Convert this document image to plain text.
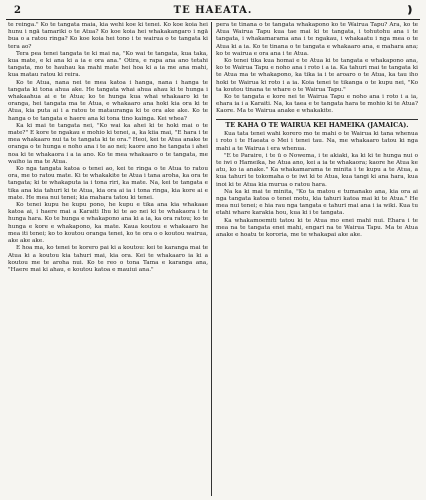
2	TE HAEATA.	❫

te reinga." Ko te tangata maia, kia wehi koe ki tenei. Ko koe koia hei hunu i ngā tamariki o te Atua? Ko koe koia hei whakakangaro i ngā bua o a ratou ringa? Ko koe koia hei tono i te wairua o te tangata ki tera ao?

Tera pea tenei tangata te ki mai na, "Ko wai te tangata, kua taka, kua mate, e ki ana ki a ia e ora ana." Otira, e rapa ana ano tetahi tangata, mo te hauhau ka mahi mate hei hoa ki a ia me ana mahi, kua matau ratou ki reira.

Ko te Atua, nana nei te mea katoa i hanga, nana i hanga te tangata ki tona ahua ake. He tangata whai ahua ahau ki te hunga i whakaahua ai e te Atua; ko te hunga kua whai whakaaro ki te oranga, hei tangata ma te Atua, e whakaaro ana hoki kia ora ki te Atua, kia puta ai i a ratou te matauranga ki te ora ake ake. Ko te hanga o te tangata e haere ana ki tona tino kainga. Kei whea?

Ka ki mai te tangata nei, "Ko wai ka ahei ki te hoki mai o te mate?" E kore te ngakau e mohio ki tenei, a, ka kiia mai, "E hara i te mea whakaaro nui ta te tangata ki te ora." Heoi, kei te Atua anake te oranga o te hunga e noho ana i te ao nei; kaore ano he tangata i ahei noa ki te whakaora i a ia ano. Ko te mea whakaaro o te tangata, me waiho ia ma te Atua.

Ko nga tangata katoa o tenei ao, kei te ringa o te Atua to ratou ora, me to ratou mate. Ki te whakakite te Atua i tana aroha, ka ora te tangata; ki te whakaputa ia i tona riri, ka mate. Na, kei te tangata e tika ana kia tahuri ki te Atua, kia ora ai ia i tona ringa, kia kore ai e mate. He mea nui tenei; kia mahara tatou ki tenei.

Ko tenei kupu he kupu pono, he kupu e tika ana kia whakaae katoa ai, i haere mai a Karaiti Ihu ki te ao nei ki te whakaora i te hunga hara. Ko te hunga e whakapono ana ki a ia, ka ora ratou; ko te hunga e kore e whakapono, ka mate. Kaua koutou e whakaaro he mea iti tenei; ko to koutou oranga tenei, ko te ora o o koutou wairua, ake ake ake.

E hoa ma, ko tenei te korero pai ki a koutou: kei te karanga mai te Atua ki a koutou kia tahuri mai, kia ora. Kei te whakaaro ia ki a koutou me te aroha nui. Ko te reo o tona Tama e karanga ana, "Haere mai ki ahau, e koutou katoa e mauiui ana."

pera te tinana o te tangata whakapono ko te Wairua Tapu? Ara, ko te Atua Wairua Tapu kua tae mai ki te tangata, i tohutohu ana i te tangata, i whakamarama ana i te ngakau, i whakaatu i nga mea o te Atua ki a ia. Ko te tinana o te tangata e whakaaro ana, e mahara ana; ko te wairua e ora ana i te Atua.

Ko tenei tika kua homai e te Atua ki te tangata e whakapono ana, ko te Wairua Tapu e noho ana i roto i a ia. Ka tahuri mai te tangata ki te Atua ma te whakapono, ka tika ia i te aroaro o te Atua, ka tau iho hoki te Wairua ki roto i a ia. Koia tenei te tikanga o te kupu nei, "Ko ta koutou tinana te whare o te Wairua Tapu."

Ko te tangata e kore nei te Wairua Tapu e noho ana i roto i a ia, ehara ia i a Karaiti. Na, ka taea e te tangata hara te mohio ki te Atua? Kaore. Ma te Wairua anake e whakakite.

TE KAHA O TE WAIRUA KEI HAMEIKA (JAMAICA).

Kua tata tenei wahi korero mo te mahi o te Wairua ki tana whenua i roto i te Haeata o Mei i tenei tau. Na, me whakaaro tatou ki nga mahi a te Wairua i era whenua.

"E te Paraire, i te ū o Nowema, i te akiaki, ka ki ki te hunga nui o te iwi o Hameika, he Atua ano, kei a ia te whakaora; kaore he Atua ke atu, ko ia anake." Ka whakamarama te minita i te kupu a te Atua, a kua tahuri te tokomaha o te iwi ki te Atua, kua tangi ki ana hara, kua inoi ki te Atua kia murua o ratou hara.

Na ka ki mai te minita, "Ko ta matou e tumanako ana, kia ora ai nga tangata katoa o tenei motu, kia tahuri katoa mai ki te Atua." He mea nui tenei; e hia rau nga tangata e tahuri mai ana i ia wiki. Kua tu etahi whare karakia hou, kua ki i te tangata.

Ka whakamoemiti tatou ki te Atua mo enei mahi nui. Ehara i te mea na te tangata enei mahi, engari na te Wairua Tapu. Ma te Atua anake e hoatu te kororia, me te whakapai ake ake.
